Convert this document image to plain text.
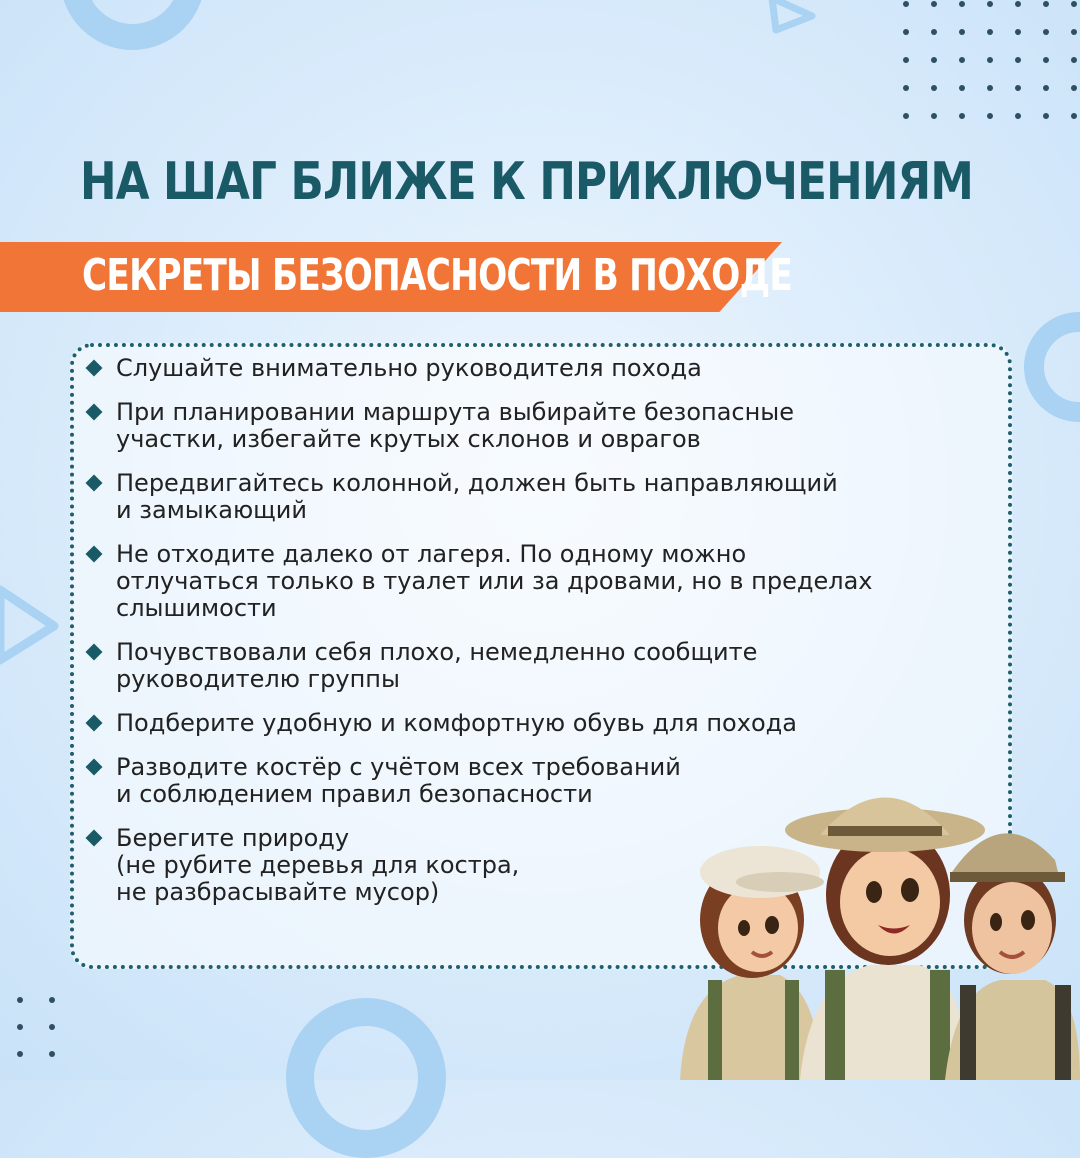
НА ШАГ БЛИЖЕ К ПРИКЛЮЧЕНИЯМ
СЕКРЕТЫ БЕЗОПАСНОСТИ В ПОХОДЕ
Слушайте внимательно руководителя похода
При планировании маршрута выбирайте безопасные
участки, избегайте крутых склонов и оврагов
Передвигайтесь колонной, должен быть направляющий
и замыкающий
Не отходите далеко от лагеря. По одному можно
отлучаться только в туалет или за дровами, но в пределах
слышимости
Почувствовали себя плохо, немедленно сообщите
руководителю группы
Подберите удобную и комфортную обувь для похода
Разводите костёр с учётом всех требований
и соблюдением правил безопасности
Берегите природу
(не рубите деревья для костра,
не разбрасывайте мусор)
